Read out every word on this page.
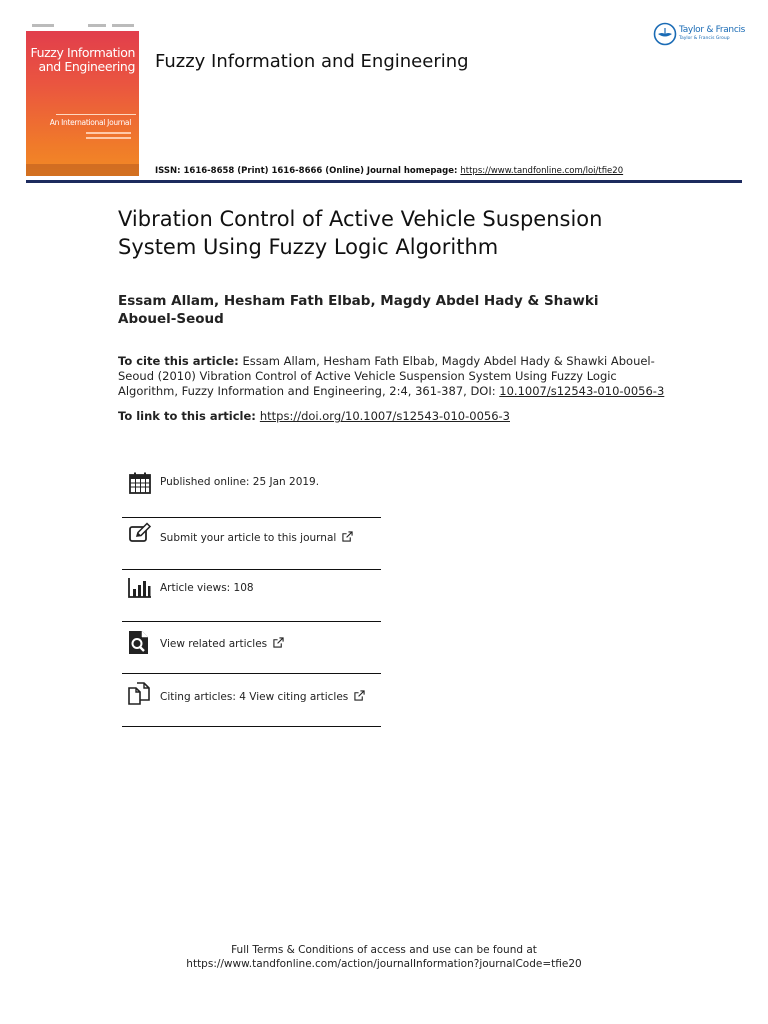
Fuzzy Information and Engineering
An International Journal
Fuzzy Information and Engineering
ISSN: 1616-8658 (Print) 1616-8666 (Online) Journal homepage: https://www.tandfonline.com/loi/tfie20
Taylor & Francis
Taylor & Francis Group
Vibration Control of Active Vehicle Suspension System Using Fuzzy Logic Algorithm
Essam Allam, Hesham Fath Elbab, Magdy Abdel Hady & Shawki Abouel-Seoud
To cite this article: Essam Allam, Hesham Fath Elbab, Magdy Abdel Hady & Shawki Abouel-Seoud (2010) Vibration Control of Active Vehicle Suspension System Using Fuzzy Logic Algorithm, Fuzzy Information and Engineering, 2:4, 361-387, DOI: 10.1007/s12543-010-0056-3
To link to this article: https://doi.org/10.1007/s12543-010-0056-3
Published online: 25 Jan 2019.
Submit your article to this journal
Article views: 108
View related articles
Citing articles: 4 View citing articles
Full Terms & Conditions of access and use can be found at
https://www.tandfonline.com/action/journalInformation?journalCode=tfie20
